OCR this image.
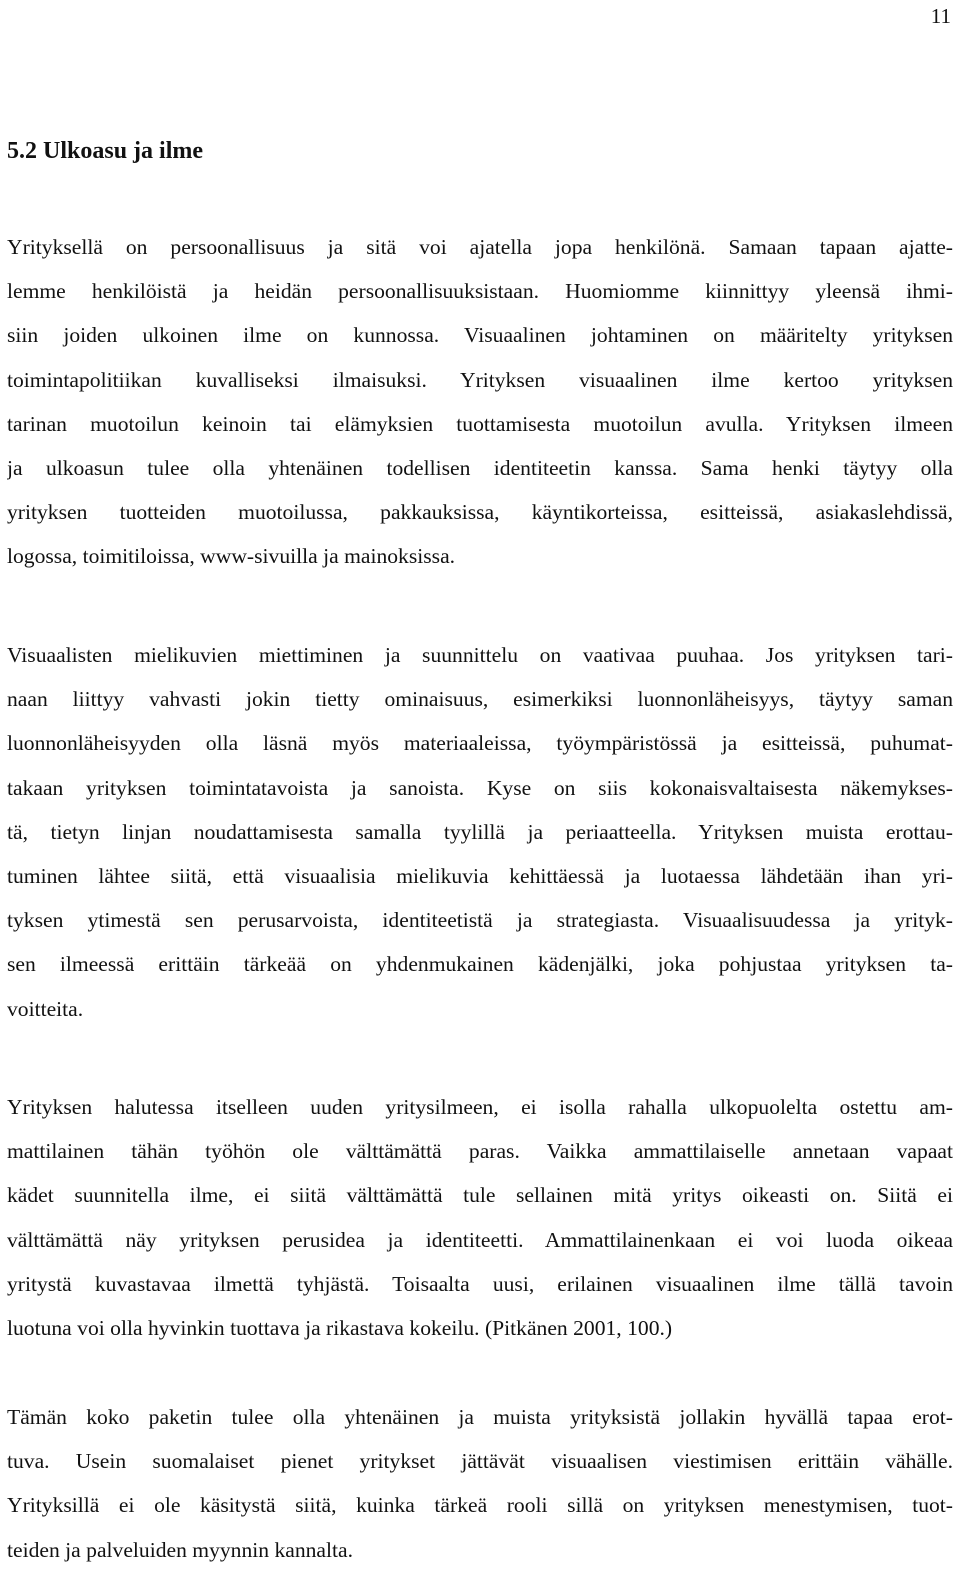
11
5.2 Ulkoasu ja ilme
Yrityksellä on persoonallisuus ja sitä voi ajatella jopa henkilönä. Samaan tapaan ajatte-
lemme henkilöistä ja heidän persoonallisuuksistaan. Huomiomme kiinnittyy yleensä ihmi-
siin joiden ulkoinen ilme on kunnossa. Visuaalinen johtaminen on määritelty yrityksen
toimintapolitiikan kuvalliseksi ilmaisuksi. Yrityksen visuaalinen ilme kertoo yrityksen
tarinan muotoilun keinoin tai elämyksien tuottamisesta muotoilun avulla. Yrityksen ilmeen
ja ulkoasun tulee olla yhtenäinen todellisen identiteetin kanssa. Sama henki täytyy olla
yrityksen tuotteiden muotoilussa, pakkauksissa, käyntikorteissa, esitteissä, asiakaslehdissä,
logossa, toimitiloissa, www-sivuilla ja mainoksissa.
Visuaalisten mielikuvien miettiminen ja suunnittelu on vaativaa puuhaa. Jos yrityksen tari-
naan liittyy vahvasti jokin tietty ominaisuus, esimerkiksi luonnonläheisyys, täytyy saman
luonnonläheisyyden olla läsnä myös materiaaleissa, työympäristössä ja esitteissä, puhumat-
takaan yrityksen toimintatavoista ja sanoista. Kyse on siis kokonaisvaltaisesta näkemykses-
tä, tietyn linjan noudattamisesta samalla tyylillä ja periaatteella. Yrityksen muista erottau-
tuminen lähtee siitä, että visuaalisia mielikuvia kehittäessä ja luotaessa lähdetään ihan yri-
tyksen ytimestä sen perusarvoista, identiteetistä ja strategiasta. Visuaalisuudessa ja yrityk-
sen ilmeessä erittäin tärkeää on yhdenmukainen kädenjälki, joka pohjustaa yrityksen ta-
voitteita.
Yrityksen halutessa itselleen uuden yritysilmeen, ei isolla rahalla ulkopuolelta ostettu am-
mattilainen tähän työhön ole välttämättä paras. Vaikka ammattilaiselle annetaan vapaat
kädet suunnitella ilme, ei siitä välttämättä tule sellainen mitä yritys oikeasti on. Siitä ei
välttämättä näy yrityksen perusidea ja identiteetti. Ammattilainenkaan ei voi luoda oikeaa
yritystä kuvastavaa ilmettä tyhjästä. Toisaalta uusi, erilainen visuaalinen ilme tällä tavoin
luotuna voi olla hyvinkin tuottava ja rikastava kokeilu. (Pitkänen 2001, 100.)
Tämän koko paketin tulee olla yhtenäinen ja muista yrityksistä jollakin hyvällä tapaa erot-
tuva. Usein suomalaiset pienet yritykset jättävät visuaalisen viestimisen erittäin vähälle.
Yrityksillä ei ole käsitystä siitä, kuinka tärkeä rooli sillä on yrityksen menestymisen, tuot-
teiden ja palveluiden myynnin kannalta.
